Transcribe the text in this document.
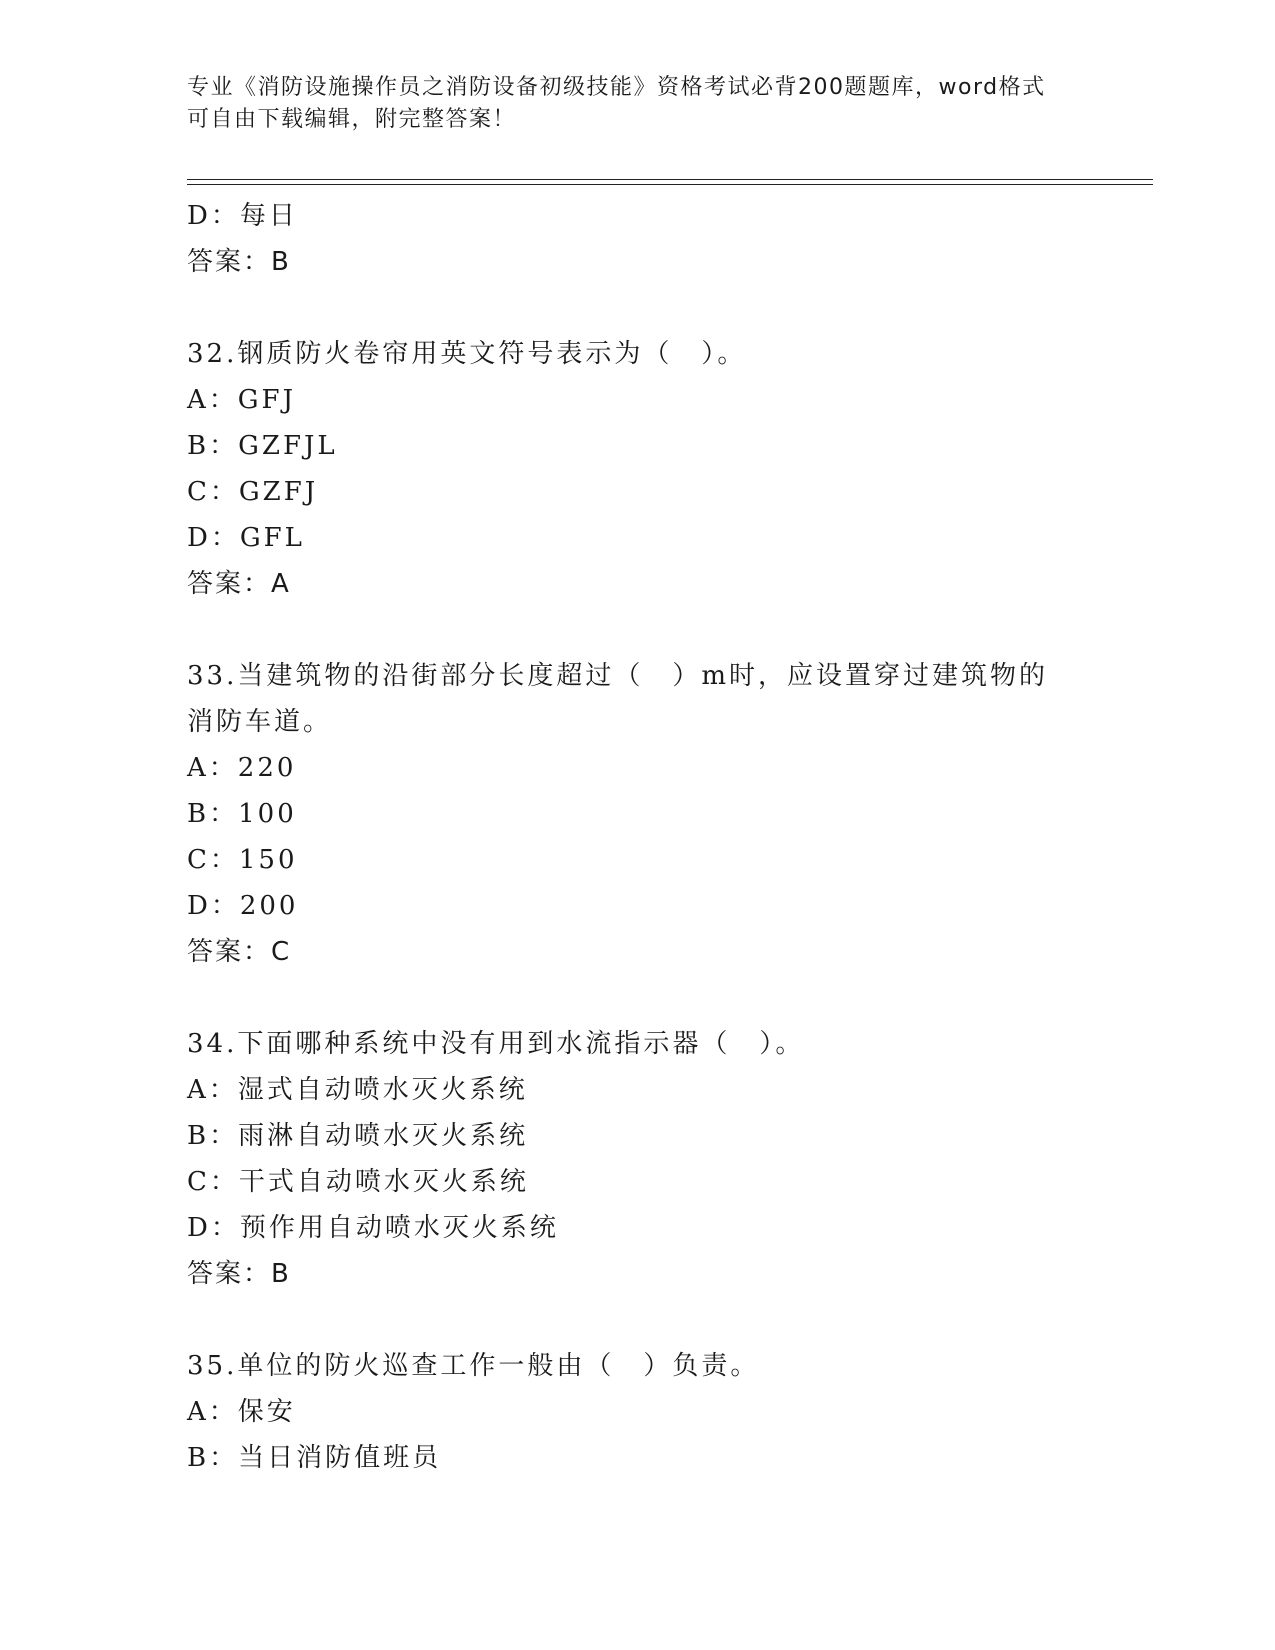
专业《消防设施操作员之消防设备初级技能》资格考试必背200题题库，word格式可自由下载编辑，附完整答案！
D：每日
答案：B
32.钢质防火卷帘用英文符号表示为（　）。
A：GFJ
B：GZFJL
C：GZFJ
D：GFL
答案：A
33.当建筑物的沿街部分长度超过（　）m时，应设置穿过建筑物的消防车道。
A：220
B：100
C：150
D：200
答案：C
34.下面哪种系统中没有用到水流指示器（　）。
A：湿式自动喷水灭火系统
B：雨淋自动喷水灭火系统
C：干式自动喷水灭火系统
D：预作用自动喷水灭火系统
答案：B
35.单位的防火巡查工作一般由（　）负责。
A：保安
B：当日消防值班员
